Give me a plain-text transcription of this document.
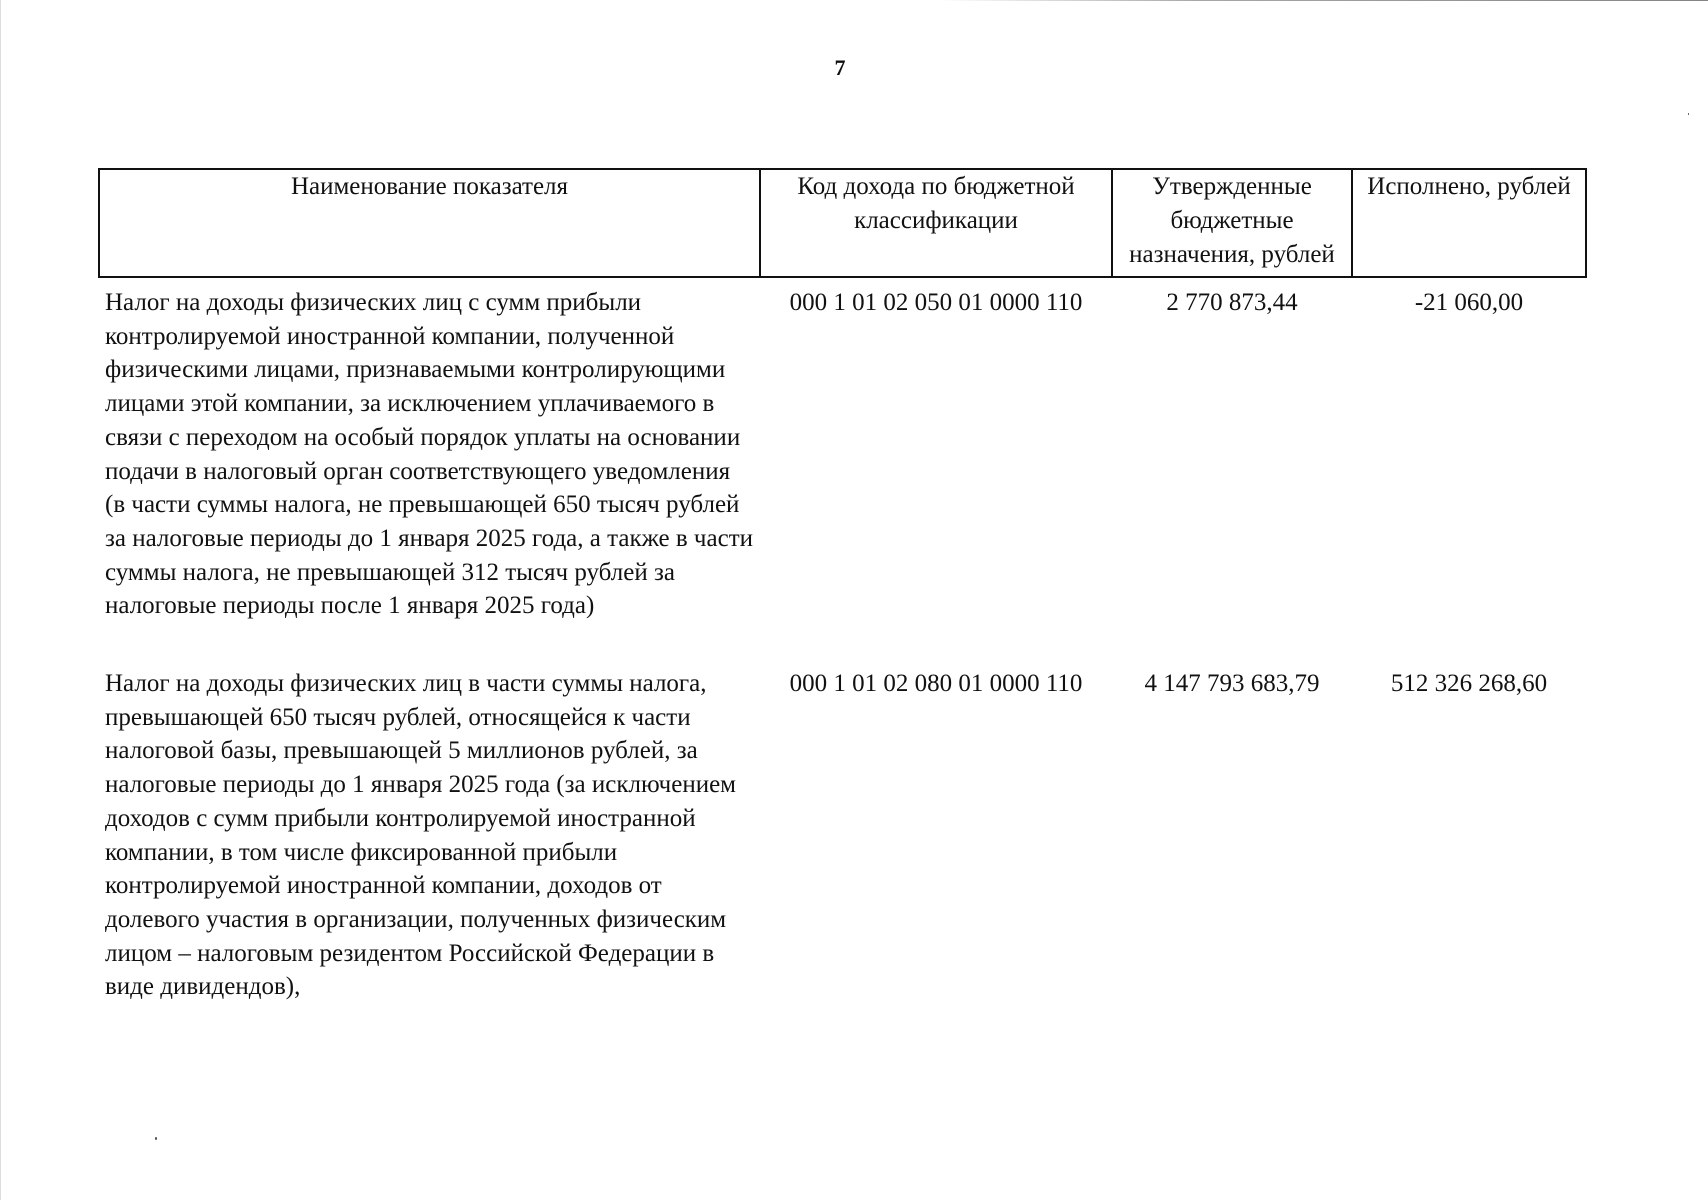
7
Наименование показателя	Код дохода по бюджетной классификации	Утвержденные бюджетные назначения, рублей	Исполнено, рублей
Налог на доходы физических лиц с сумм прибыли контролируемой иностранной компании, полученной физическими лицами, признаваемыми контролирующими лицами этой компании, за исключением уплачиваемого в связи с переходом на особый порядок уплаты на основании подачи в налоговый орган соответствующего уведомления (в части суммы налога, не превышающей 650 тысяч рублей за налоговые периоды до 1 января 2025 года, а также в части суммы налога, не превышающей 312 тысяч рублей за налоговые периоды после 1 января 2025 года)	000 1 01 02 050 01 0000 110	2 770 873,44	-21 060,00
Налог на доходы физических лиц в части суммы налога, превышающей 650 тысяч рублей, относящейся к части налоговой базы, превышающей 5 миллионов рублей, за налоговые периоды до 1 января 2025 года (за исключением доходов с сумм прибыли контролируемой иностранной компании, в том числе фиксированной прибыли контролируемой иностранной компании, доходов от долевого участия в организации, полученных физическим лицом – налоговым резидентом Российской Федерации в виде дивидендов),	000 1 01 02 080 01 0000 110	4 147 793 683,79	512 326 268,60
